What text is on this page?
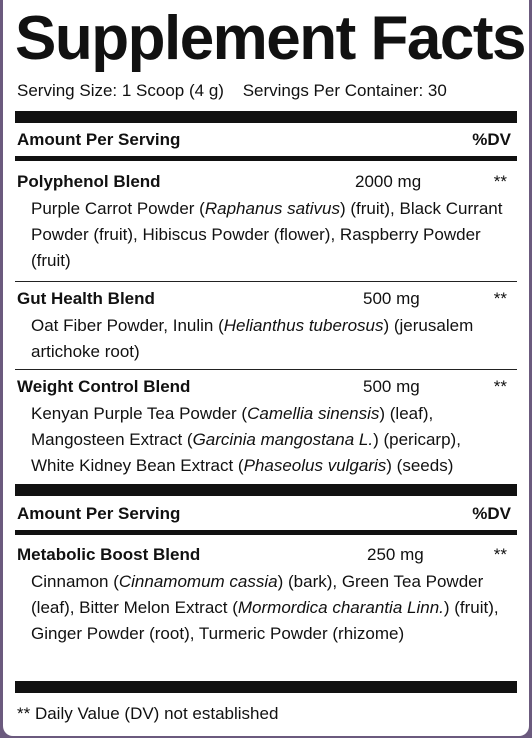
Supplement Facts
Serving Size: 1 Scoop (4 g) Servings Per Container: 30
Amount Per Serving	%DV
Polyphenol Blend	2000 mg	**
Purple Carrot Powder (Raphanus sativus) (fruit), Black Currant Powder (fruit), Hibiscus Powder (flower), Raspberry Powder (fruit)
Gut Health Blend	500 mg	**
Oat Fiber Powder, Inulin (Helianthus tuberosus) (jerusalem artichoke root)
Weight Control Blend	500 mg	**
Kenyan Purple Tea Powder (Camellia sinensis) (leaf), Mangosteen Extract (Garcinia mangostana L.) (pericarp), White Kidney Bean Extract (Phaseolus vulgaris) (seeds)
Amount Per Serving	%DV
Metabolic Boost Blend	250 mg	**
Cinnamon (Cinnamomum cassia) (bark), Green Tea Powder (leaf), Bitter Melon Extract (Mormordica charantia Linn.) (fruit), Ginger Powder (root), Turmeric Powder (rhizome)
** Daily Value (DV) not established
